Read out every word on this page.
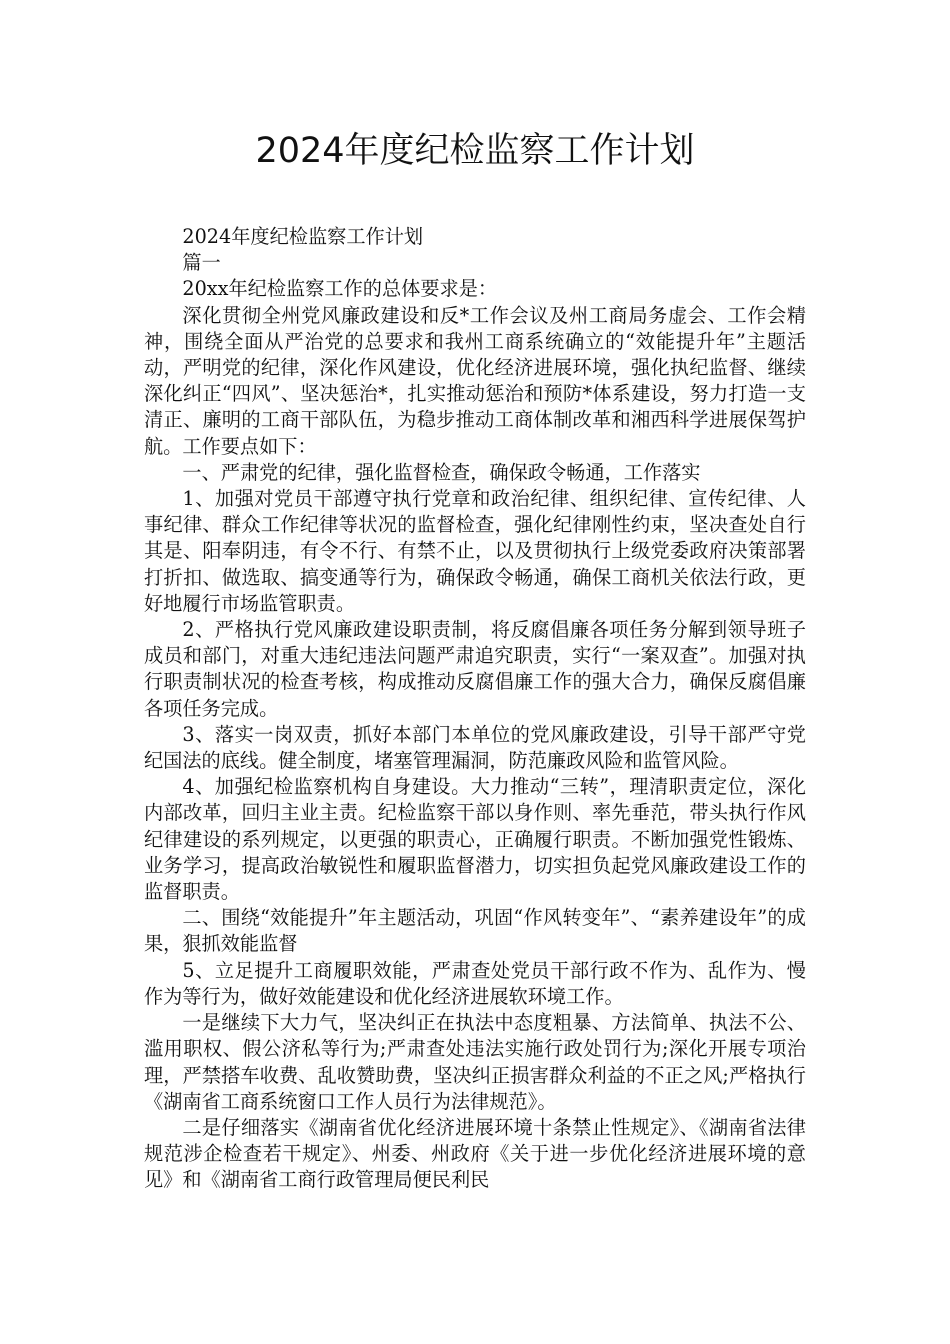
2024年度纪检监察工作计划

2024年度纪检监察工作计划

篇一

20xx年纪检监察工作的总体要求是：

深化贯彻全州党风廉政建设和反*工作会议及州工商局务虚会、工作会精神，围绕全面从严治党的总要求和我州工商系统确立的“效能提升年”主题活动，严明党的纪律，深化作风建设，优化经济进展环境，强化执纪监督、继续深化纠正“四风”、坚决惩治*，扎实推动惩治和预防*体系建设，努力打造一支清正、廉明的工商干部队伍，为稳步推动工商体制改革和湘西科学进展保驾护航。工作要点如下：

一、严肃党的纪律，强化监督检查，确保政令畅通，工作落实

1、加强对党员干部遵守执行党章和政治纪律、组织纪律、宣传纪律、人事纪律、群众工作纪律等状况的监督检查，强化纪律刚性约束，坚决查处自行其是、阳奉阴违，有令不行、有禁不止，以及贯彻执行上级党委政府决策部署打折扣、做选取、搞变通等行为，确保政令畅通，确保工商机关依法行政，更好地履行市场监管职责。

2、严格执行党风廉政建设职责制，将反腐倡廉各项任务分解到领导班子成员和部门，对重大违纪违法问题严肃追究职责，实行“一案双查”。加强对执行职责制状况的检查考核，构成推动反腐倡廉工作的强大合力，确保反腐倡廉各项任务完成。

3、落实一岗双责，抓好本部门本单位的党风廉政建设，引导干部严守党纪国法的底线。健全制度，堵塞管理漏洞，防范廉政风险和监管风险。

4、加强纪检监察机构自身建设。大力推动“三转”，理清职责定位，深化内部改革，回归主业主责。纪检监察干部以身作则、率先垂范，带头执行作风纪律建设的系列规定，以更强的职责心，正确履行职责。不断加强党性锻炼、业务学习，提高政治敏锐性和履职监督潜力，切实担负起党风廉政建设工作的监督职责。

二、围绕“效能提升”年主题活动，巩固“作风转变年”、“素养建设年”的成果，狠抓效能监督

5、立足提升工商履职效能，严肃查处党员干部行政不作为、乱作为、慢作为等行为，做好效能建设和优化经济进展软环境工作。

一是继续下大力气，坚决纠正在执法中态度粗暴、方法简单、执法不公、滥用职权、假公济私等行为;严肃查处违法实施行政处罚行为;深化开展专项治理，严禁搭车收费、乱收赞助费，坚决纠正损害群众利益的不正之风;严格执行《湖南省工商系统窗口工作人员行为法律规范》。

二是仔细落实《湖南省优化经济进展环境十条禁止性规定》、《湖南省法律规范涉企检查若干规定》、州委、州政府《关于进一步优化经济进展环境的意见》和《湖南省工商行政管理局便民利民
